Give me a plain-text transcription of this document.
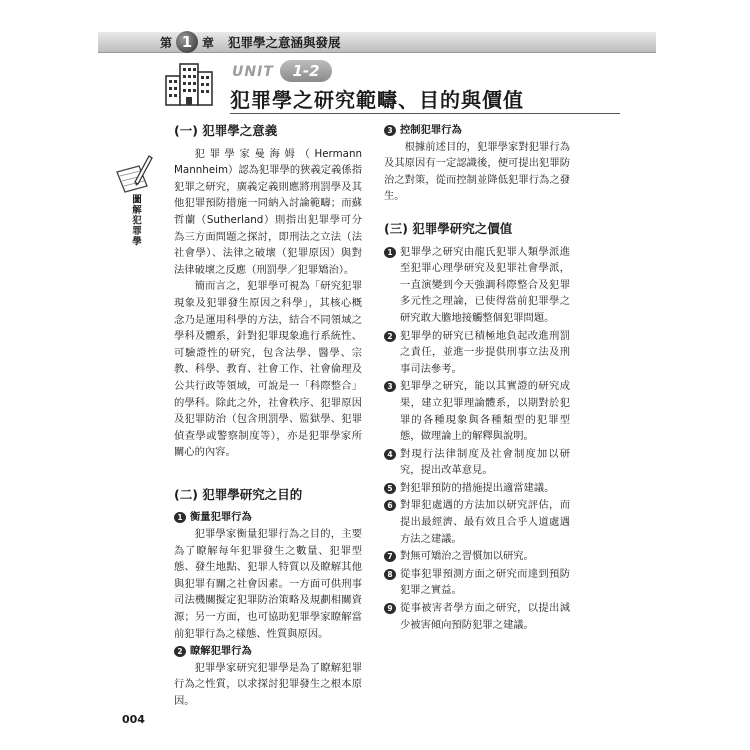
第 1 章 犯罪學之意涵與發展
UNIT	1-2
犯罪學之研究範疇、目的與價值
圖解犯罪學
(一) 犯罪學之意義

犯罪學家曼海姆（Hermann Mannheim）認為犯罪學的狹義定義係指犯罪之研究，廣義定義則應將刑罰學及其他犯罪預防措施一同納入討論範疇；而蘇哲蘭（Sutherland）則指出犯罪學可分為三方面問題之探討，即刑法之立法（法社會學）、法律之破壞（犯罪原因）與對法律破壞之反應（刑罰學／犯罪矯治）。

簡而言之，犯罪學可視為「研究犯罪現象及犯罪發生原因之科學」，其核心概念乃是運用科學的方法，結合不同領域之學科及體系，針對犯罪現象進行系統性、可驗證性的研究，包含法學、醫學、宗教、科學、教育、社會工作、社會倫理及公共行政等領域，可說是一「科際整合」的學科。除此之外，社會秩序、犯罪原因及犯罪防治（包含刑罰學、監獄學、犯罪偵查學或警察制度等），亦是犯罪學家所關心的內容。

(二) 犯罪學研究之目的
1 衡量犯罪行為

犯罪學家衡量犯罪行為之目的，主要為了瞭解每年犯罪發生之數量、犯罪型態、發生地點、犯罪人特質以及瞭解其他與犯罪有關之社會因素。一方面可供刑事司法機關擬定犯罪防治策略及規劃相關資源；另一方面，也可協助犯罪學家瞭解當前犯罪行為之樣態、性質與原因。

2 瞭解犯罪行為

犯罪學家研究犯罪學是為了瞭解犯罪行為之性質，以求探討犯罪發生之根本原因。

3 控制犯罪行為

根據前述目的，犯罪學家對犯罪行為及其原因有一定認識後，便可提出犯罪防治之對策，從而控制並降低犯罪行為之發生。

(三) 犯罪學研究之價值
1 犯罪學之研究由龍氏犯罪人類學派進至犯罪心理學研究及犯罪社會學派，一直演變到今天強調科際整合及犯罪多元性之理論，已使得當前犯罪學之研究敢大膽地接觸整個犯罪問題。
2 犯罪學的研究已積極地負起改進刑罰之責任，並進一步提供刑事立法及刑事司法參考。
3 犯罪學之研究，能以其實證的研究成果，建立犯罪理論體系，以期對於犯罪的各種現象與各種類型的犯罪型態，做理論上的解釋與說明。
4 對現行法律制度及社會制度加以研究，提出改革意見。
5 對犯罪預防的措施提出適當建議。
6 對罪犯處遇的方法加以研究評估，而提出最經濟、最有效且合乎人道處遇方法之建議。
7 對無可矯治之習慣加以研究。
8 從事犯罪預測方面之研究而達到預防犯罪之實益。
9 從事被害者學方面之研究，以提出減少被害傾向預防犯罪之建議。
004
